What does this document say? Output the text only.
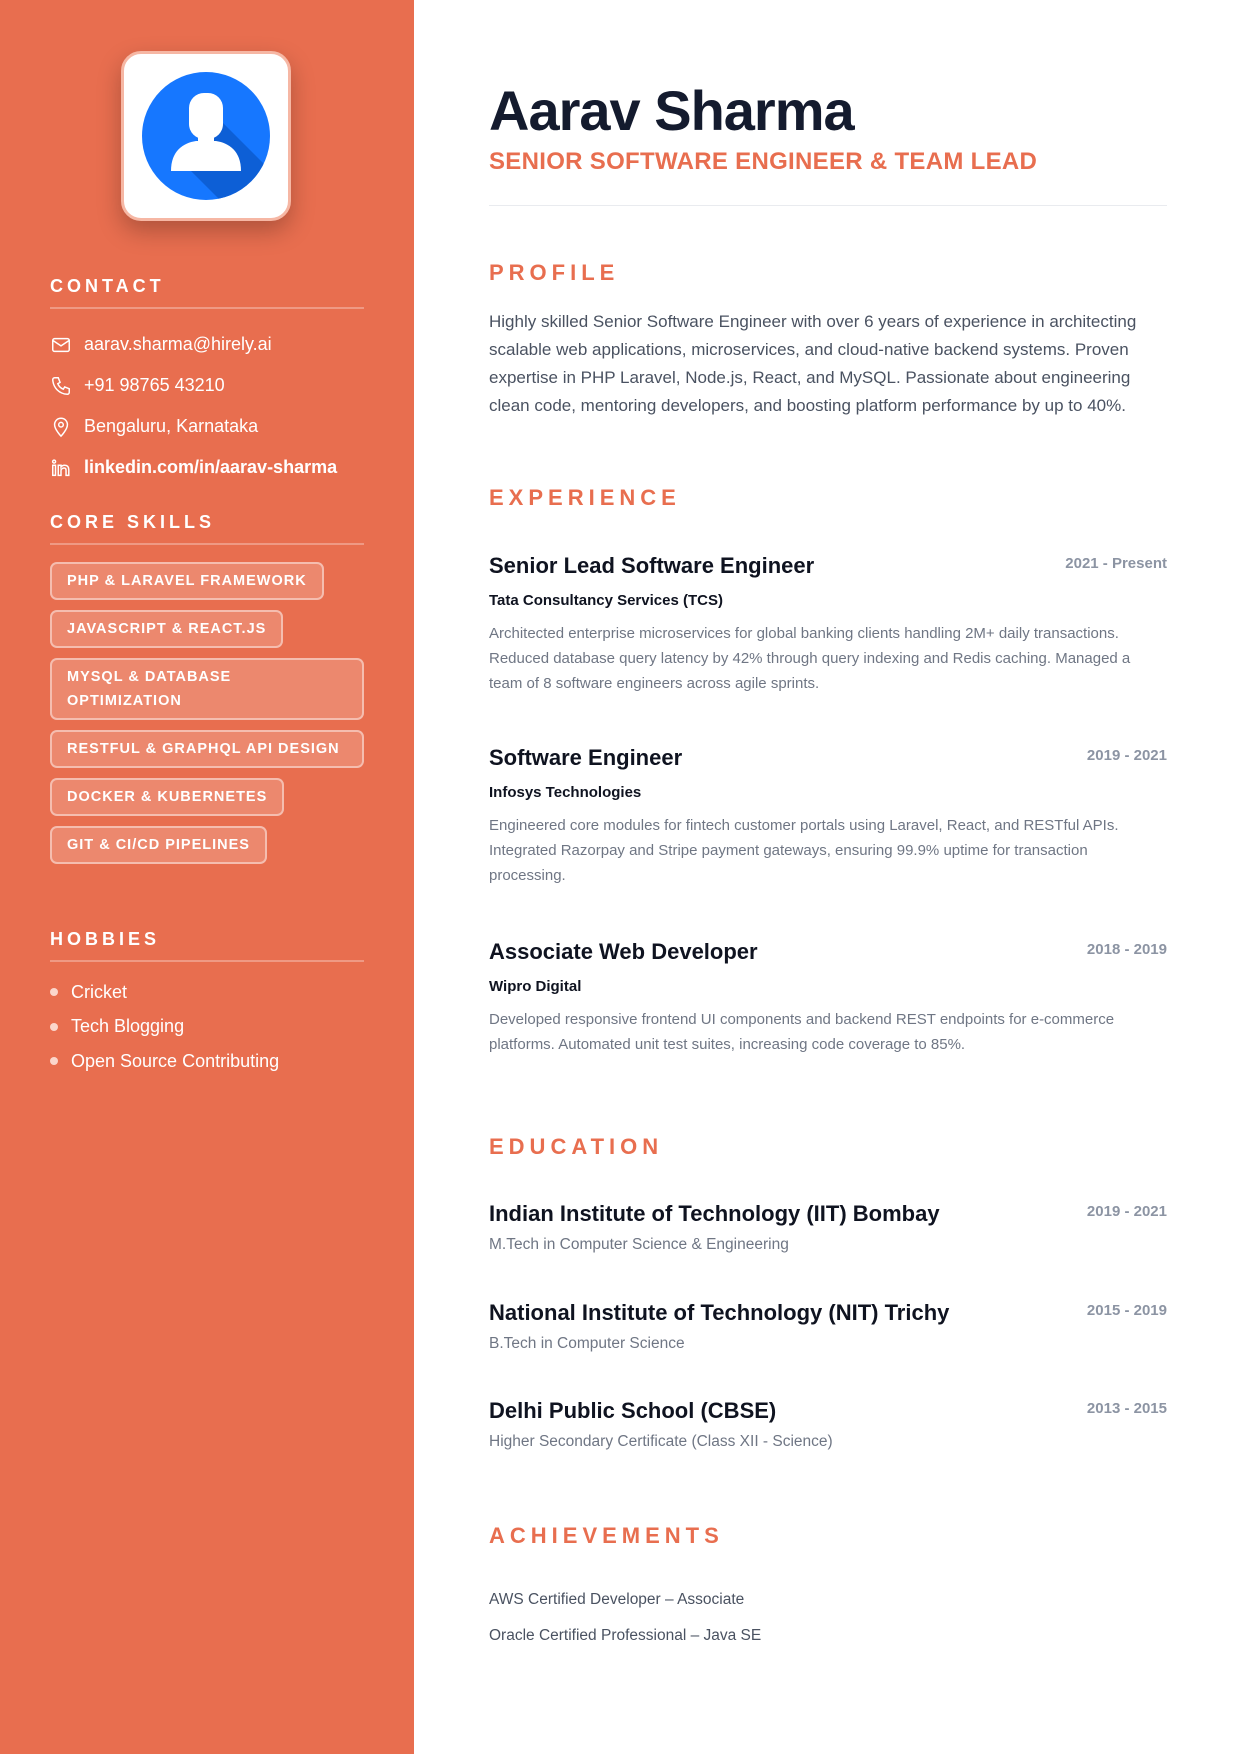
CONTACT
aarav.sharma@hirely.ai
+91 98765 43210
Bengaluru, Karnataka
linkedin.com/in/aarav-sharma
CORE SKILLS
PHP & LARAVEL FRAMEWORK
JAVASCRIPT & REACT.JS
MYSQL & DATABASE OPTIMIZATION
RESTFUL & GRAPHQL API DESIGN
DOCKER & KUBERNETES
GIT & CI/CD PIPELINES
HOBBIES
Cricket
Tech Blogging
Open Source Contributing
Aarav Sharma
SENIOR SOFTWARE ENGINEER & TEAM LEAD
PROFILE
Highly skilled Senior Software Engineer with over 6 years of experience in architecting scalable web applications, microservices, and cloud-native backend systems. Proven expertise in PHP Laravel, Node.js, React, and MySQL. Passionate about engineering clean code, mentoring developers, and boosting platform performance by up to 40%.
EXPERIENCE
Senior Lead Software Engineer	2021 - Present
Tata Consultancy Services (TCS)
Architected enterprise microservices for global banking clients handling 2M+ daily transactions. Reduced database query latency by 42% through query indexing and Redis caching. Managed a team of 8 software engineers across agile sprints.
Software Engineer	2019 - 2021
Infosys Technologies
Engineered core modules for fintech customer portals using Laravel, React, and RESTful APIs. Integrated Razorpay and Stripe payment gateways, ensuring 99.9% uptime for transaction processing.
Associate Web Developer	2018 - 2019
Wipro Digital
Developed responsive frontend UI components and backend REST endpoints for e-commerce platforms. Automated unit test suites, increasing code coverage to 85%.
EDUCATION
Indian Institute of Technology (IIT) Bombay	2019 - 2021
M.Tech in Computer Science & Engineering
National Institute of Technology (NIT) Trichy	2015 - 2019
B.Tech in Computer Science
Delhi Public School (CBSE)	2013 - 2015
Higher Secondary Certificate (Class XII - Science)
ACHIEVEMENTS
AWS Certified Developer – Associate
Oracle Certified Professional – Java SE
